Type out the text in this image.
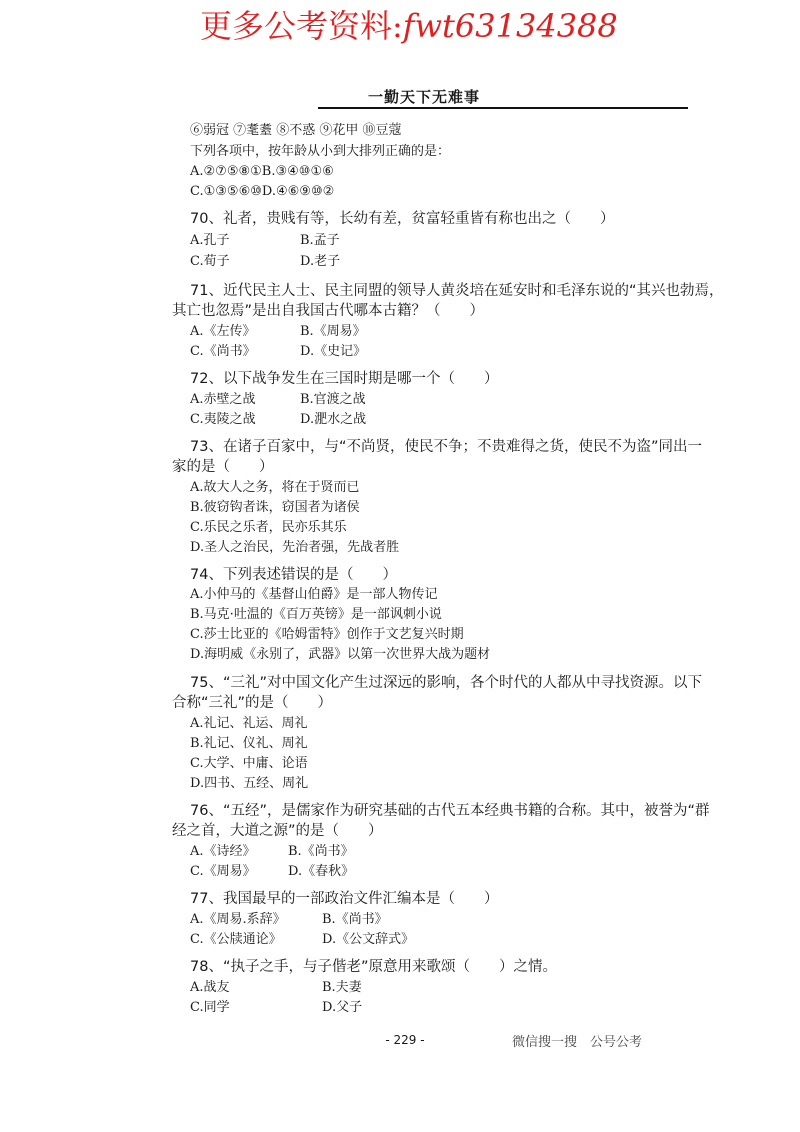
更多公考资料:fwt63134388
一勤天下无难事
⑥弱冠 ⑦耄耋 ⑧不惑 ⑨花甲 ⑩豆蔻
下列各项中，按年龄从小到大排列正确的是：
A.②⑦⑤⑧①B.③④⑩①⑥
C.①③⑤⑥⑩D.④⑥⑨⑩②
70、礼者，贵贱有等，长幼有差，贫富轻重皆有称也出之（　　）
A.孔子	B.孟子
C.荀子	D.老子
71、近代民主人士、民主同盟的领导人黄炎培在延安时和毛泽东说的“其兴也勃焉，
其亡也忽焉”是出自我国古代哪本古籍？（　　）
A.《左传》	B.《周易》
C.《尚书》	D.《史记》
72、以下战争发生在三国时期是哪一个（　　）
A.赤壁之战	B.官渡之战
C.夷陵之战	D.淝水之战
73、在诸子百家中，与“不尚贤，使民不争；不贵难得之货，使民不为盗”同出一
家的是（　　）
A.故大人之务，将在于贤而已
B.彼窃钩者诛，窃国者为诸侯
C.乐民之乐者，民亦乐其乐
D.圣人之治民，先治者强，先战者胜
74、下列表述错误的是（　　）
A.小仲马的《基督山伯爵》是一部人物传记
B.马克·吐温的《百万英镑》是一部讽刺小说
C.莎士比亚的《哈姆雷特》创作于文艺复兴时期
D.海明威《永别了，武器》以第一次世界大战为题材
75、“三礼”对中国文化产生过深远的影响，各个时代的人都从中寻找资源。以下
合称“三礼”的是（　　）
A.礼记、礼运、周礼
B.礼记、仪礼、周礼
C.大学、中庸、论语
D.四书、五经、周礼
76、“五经”，是儒家作为研究基础的古代五本经典书籍的合称。其中，被誉为“群
经之首，大道之源”的是（　　）
A.《诗经》 B.《尚书》
C.《周易》 D.《春秋》
77、我国最早的一部政治文件汇编本是（　　）
A.《周易.系辞》	B.《尚书》
C.《公牍通论》	D.《公文辞式》
78、“执子之手，与子偕老”原意用来歌颂（　　）之情。
A.战友	B.夫妻
C.同学	D.父子
- 229 -	微信搜一搜　公号公考
